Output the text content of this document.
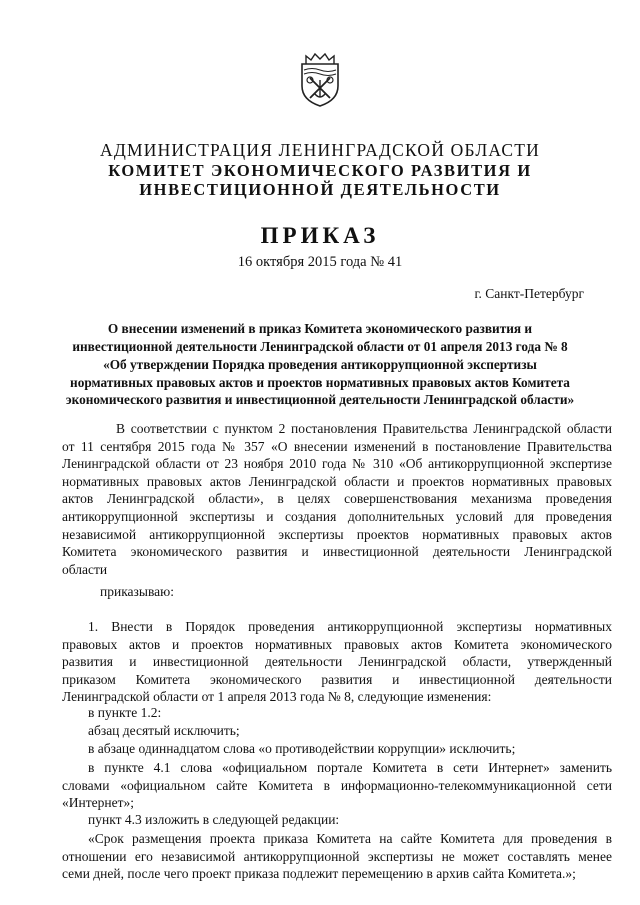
АДМИНИСТРАЦИЯ ЛЕНИНГРАДСКОЙ ОБЛАСТИ
КОМИТЕТ ЭКОНОМИЧЕСКОГО РАЗВИТИЯ И
ИНВЕСТИЦИОННОЙ ДЕЯТЕЛЬНОСТИ
ПРИКАЗ
16 октября 2015 года № 41
г. Санкт-Петербург
О внесении изменений в приказ Комитета экономического развития и
инвестиционной деятельности Ленинградской области от 01 апреля 2013 года № 8
«Об утверждении Порядка проведения антикоррупционной экспертизы
нормативных правовых актов и проектов нормативных правовых актов Комитета
экономического развития и инвестиционной деятельности Ленинградской области»
В соответствии с пунктом 2 постановления Правительства Ленинградской области
от 11 сентября 2015 года № 357 «О внесении изменений в постановление Правительства
Ленинградской области от 23 ноября 2010 года № 310 «Об антикоррупционной экспертизе
нормативных правовых актов Ленинградской области и проектов нормативных правовых
актов Ленинградской области», в целях совершенствования механизма проведения
антикоррупционной экспертизы и создания дополнительных условий для проведения
независимой антикоррупционной экспертизы проектов нормативных правовых актов
Комитета экономического развития и инвестиционной деятельности Ленинградской
области
приказываю:
1. Внести в Порядок проведения антикоррупционной экспертизы нормативных
правовых актов и проектов нормативных правовых актов Комитета экономического
развития и инвестиционной деятельности Ленинградской области, утвержденный
приказом Комитета экономического развития и инвестиционной деятельности
Ленинградской области от 1 апреля 2013 года № 8, следующие изменения:
в пункте 1.2:
абзац десятый исключить;
в абзаце одиннадцатом слова «о противодействии коррупции» исключить;
в пункте 4.1 слова «официальном портале Комитета в сети Интернет» заменить
словами «официальном сайте Комитета в информационно-телекоммуникационной сети
«Интернет»;
пункт 4.3 изложить в следующей редакции:
«Срок размещения проекта приказа Комитета на сайте Комитета для проведения в
отношении его независимой антикоррупционной экспертизы не может составлять менее
семи дней, после чего проект приказа подлежит перемещению в архив сайта Комитета.»;
